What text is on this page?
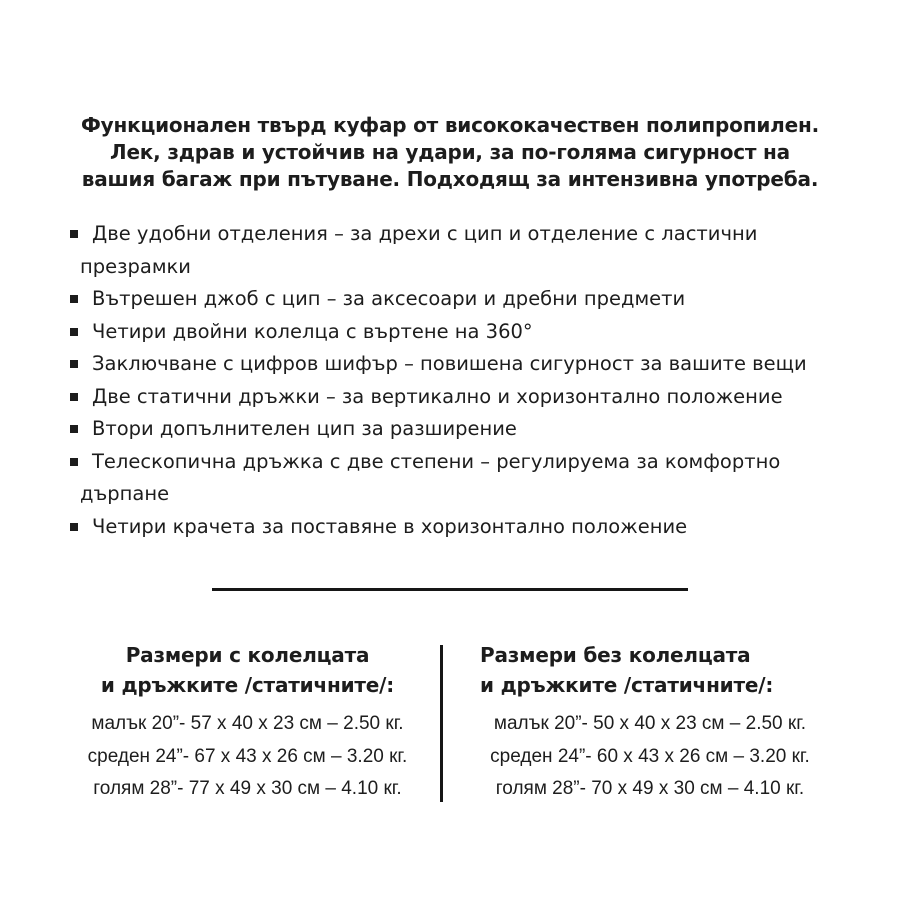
Функционален твърд куфар от висококачествен полипропилен.
Лек, здрав и устойчив на удари, за по-голяма сигурност на
вашия багаж при пътуване. Подходящ за интензивна употреба.
Две удобни отделения – за дрехи с цип и отделение с ластични презрамки
Вътрешен джоб с цип – за аксесоари и дребни предмети
Четири двойни колелца с въртене на 360°
Заключване с цифров шифър – повишена сигурност за вашите вещи
Две статични дръжки – за вертикално и хоризонтално положение
Втори допълнителен цип за разширение
Телескопична дръжка с две степени – регулируема за комфортно дърпане
Четири крачета за поставяне в хоризонтално положение
Размери с колелцата
и дръжките /статичните/:
малък 20”- 57 x 40 x 23 см – 2.50 кг.
среден 24”- 67 x 43 x 26 см – 3.20 кг.
голям 28”- 77 x 49 x 30 см – 4.10 кг.
Размери без колелцата
и дръжките /статичните/:
малък 20”- 50 x 40 x 23 см – 2.50 кг.
среден 24”- 60 x 43 x 26 см – 3.20 кг.
голям 28”- 70 x 49 x 30 см – 4.10 кг.
